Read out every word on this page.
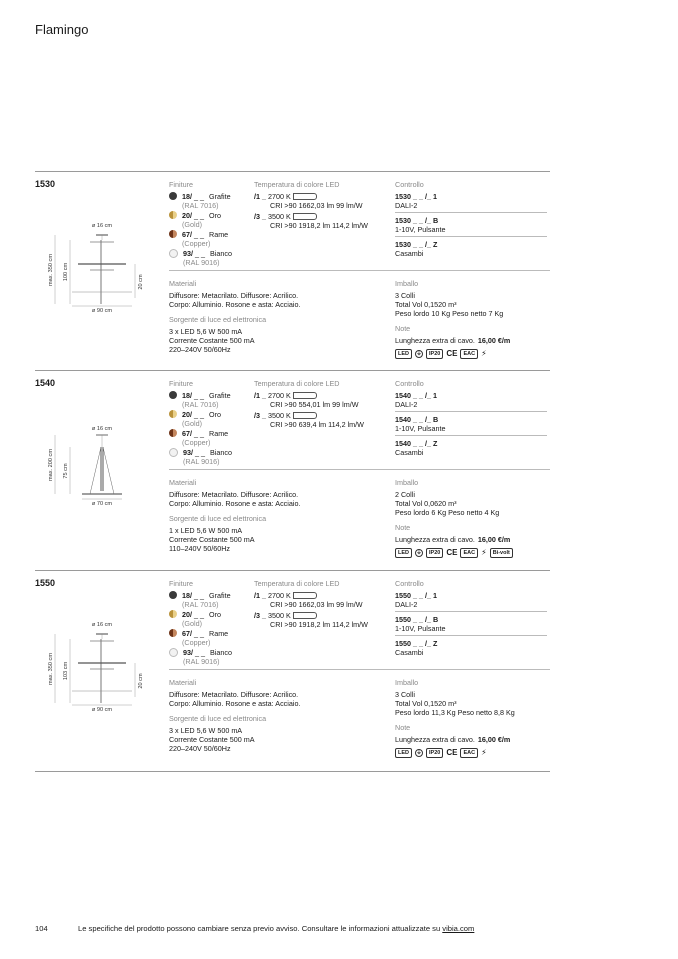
Flamingo
1530
ø 16 cm
max. 350 cm 100 cm
20 cm
ø 90 cm
Finiture
18/ _ _ Grafite
(RAL 7016)
20/ _ _ Oro
(Gold)
67/ _ _ Rame
(Copper)
93/ _ _ Bianco
(RAL 9016)
Temperatura di colore LED
/1 _ 2700 K
CRI >90 1662,03 lm 99 lm/W
/3 _ 3500 K
CRI >90 1918,2 lm 114,2 lm/W
Controllo
1530 _ _ /_ 1
DALI-2
1530 _ _ /_ B
1-10V, Pulsante
1530 _ _ /_ Z
Casambi
Materiali
Diffusore: Metacrilato. Diffusore: Acrilico.
Corpo: Alluminio. Rosone e asta: Acciaio.
Sorgente di luce ed elettronica
3 x LED 5,6 W 500 mA
Corrente Costante 500 mA
220–240V 50/60Hz
Imballo
3 Colli
Total Vol 0,1520 m³
Peso lordo 10 Kg Peso netto 7 Kg
Note
Lunghezza extra di cavo. 16,00 €/m
LED	⏚	IP20 CE	EAC ⚡
1540
ø 16 cm
max. 200 cm 75 cm
ø 70 cm
Finiture
18/ _ _ Grafite
(RAL 7016)
20/ _ _ Oro
(Gold)
67/ _ _ Rame
(Copper)
93/ _ _ Bianco
(RAL 9016)
Temperatura di colore LED
/1 _ 2700 K
CRI >90 554,01 lm 99 lm/W
/3 _ 3500 K
CRI >90 639,4 lm 114,2 lm/W
Controllo
1540 _ _ /_ 1
DALI-2
1540 _ _ /_ B
1-10V, Pulsante
1540 _ _ /_ Z
Casambi
Materiali
Diffusore: Metacrilato. Diffusore: Acrilico.
Corpo: Alluminio. Rosone e asta: Acciaio.
Sorgente di luce ed elettronica
1 x LED 5,6 W 500 mA
Corrente Costante 500 mA
110–240V 50/60Hz
Imballo
2 Colli
Total Vol 0,0620 m³
Peso lordo 6 Kg Peso netto 4 Kg
Note
Lunghezza extra di cavo. 16,00 €/m
LED	⏚	IP20 CE	EAC ⚡	Bi-volt
1550
ø 16 cm
max. 350 cm 103 cm
20 cm
ø 90 cm
Finiture
18/ _ _ Grafite
(RAL 7016)
20/ _ _ Oro
(Gold)
67/ _ _ Rame
(Copper)
93/ _ _ Bianco
(RAL 9016)
Temperatura di colore LED
/1 _ 2700 K
CRI >90 1662,03 lm 99 lm/W
/3 _ 3500 K
CRI >90 1918,2 lm 114,2 lm/W
Controllo
1550 _ _ /_ 1
DALI-2
1550 _ _ /_ B
1-10V, Pulsante
1550 _ _ /_ Z
Casambi
Materiali
Diffusore: Metacrilato. Diffusore: Acrilico.
Corpo: Alluminio. Rosone e asta: Acciaio.
Sorgente di luce ed elettronica
3 x LED 5,6 W 500 mA
Corrente Costante 500 mA
220–240V 50/60Hz
Imballo
3 Colli
Total Vol 0,1520 m³
Peso lordo 11,3 Kg Peso netto 8,8 Kg
Note
Lunghezza extra di cavo. 16,00 €/m
LED	⏚	IP20 CE	EAC ⚡
104	Le specifiche del prodotto possono cambiare senza previo avviso. Consultare le informazioni attualizzate su vibia.com
